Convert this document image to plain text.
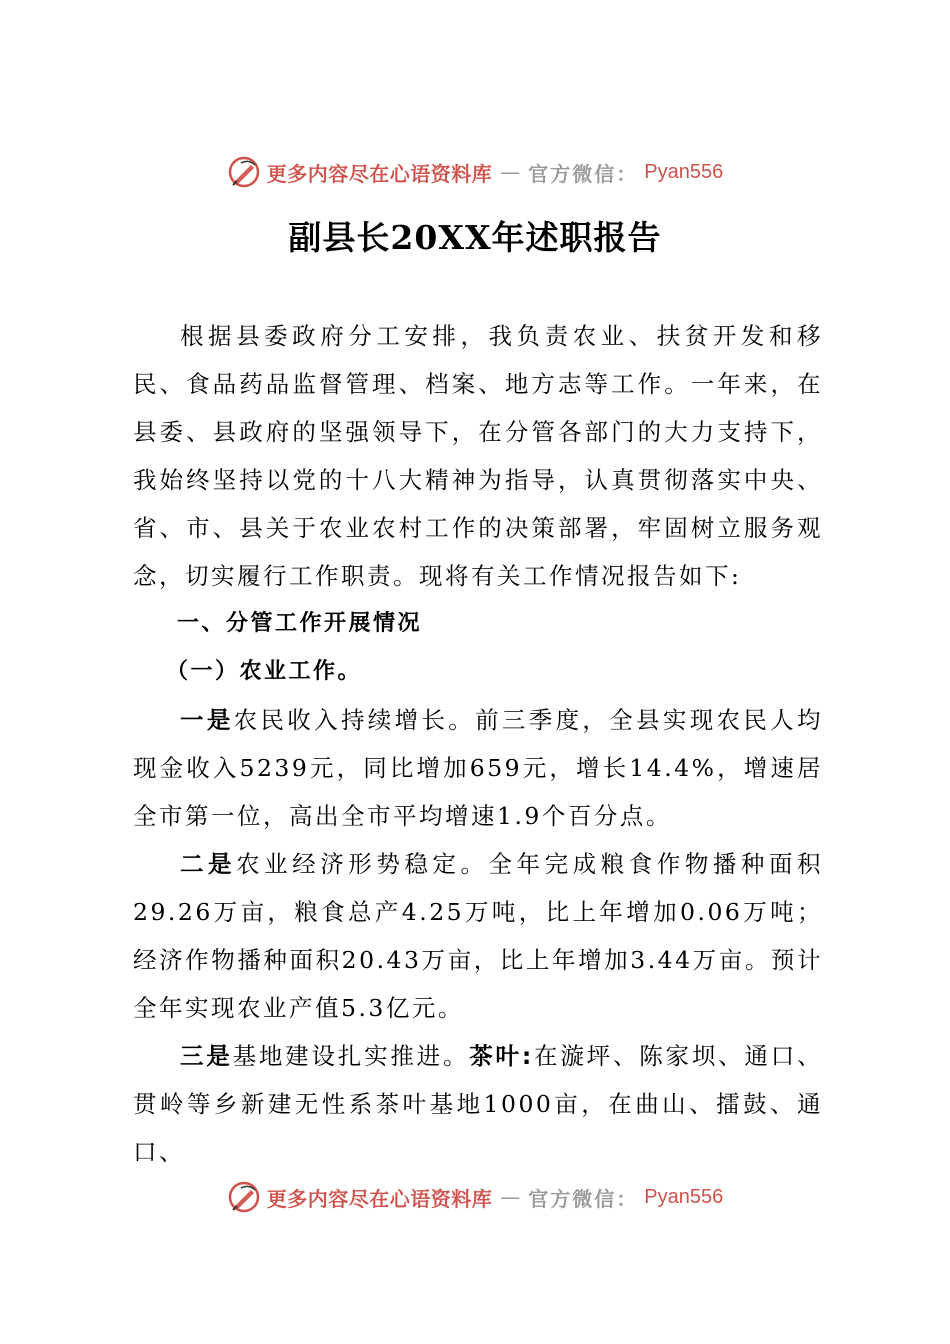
更多内容尽在心语资料库 — 官方微信： Pyan556
副县长20XX年述职报告

根据县委政府分工安排，我负责农业、扶贫开发和移民、食品药品监督管理、档案、地方志等工作。一年来，在县委、县政府的坚强领导下，在分管各部门的大力支持下，我始终坚持以党的十八大精神为指导，认真贯彻落实中央、省、市、县关于农业农村工作的决策部署，牢固树立服务观念，切实履行工作职责。现将有关工作情况报告如下:

一、分管工作开展情况

（一）农业工作。

一是农民收入持续增长。前三季度，全县实现农民人均现金收入5239元，同比增加659元，增长14.4%，增速居全市第一位，高出全市平均增速1.9个百分点。

二是农业经济形势稳定。全年完成粮食作物播种面积29.26万亩，粮食总产4.25万吨，比上年增加0.06万吨；经济作物播种面积20.43万亩，比上年增加3.44万亩。预计全年实现农业产值5.3亿元。

三是基地建设扎实推进。茶叶:在漩坪、陈家坝、通口、贯岭等乡新建无性系茶叶基地1000亩，在曲山、擂鼓、通口、

更多内容尽在心语资料库 — 官方微信： Pyan556
